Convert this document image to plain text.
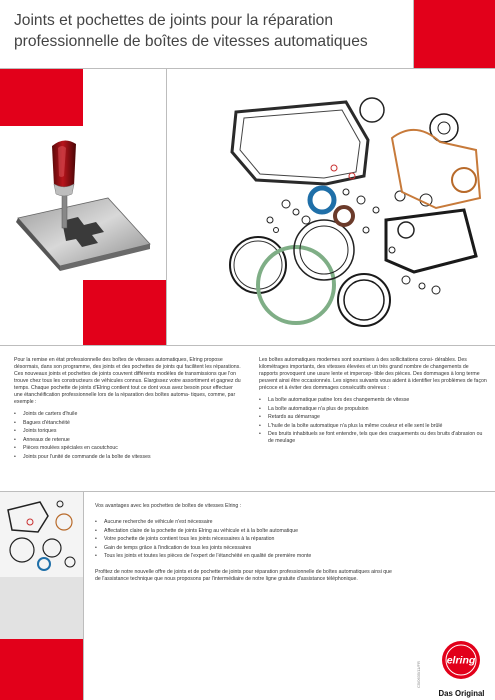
Joints et pochettes de joints pour la réparation
professionnelle de boîtes de vitesses automatiques

Pour la remise en état professionnelle des boîtes de vitesses automatiques, Elring propose désormais, dans son programme, des joints et des pochettes de joints qui facilitent les réparations. Ces nouveaux joints et pochettes de joints couvrent différents modèles de transmissions que l'on trouve chez tous les constructeurs de véhicules connus. Élargissez votre assortiment et gagnez du temps. Chaque pochette de joints d'Elring contient tout ce dont vous avez besoin pour effectuer une étanchéification professionnelle lors de la réparation des boîtes automa- tiques, comme, par exemple :

• Joints de carters d'huile
• Bagues d'étanchéité
• Joints toriques
• Anneaux de retenue
• Pièces moulées spéciales en caoutchouc
• Joints pour l'unité de commande de la boîte de vitesses

Les boîtes automatiques modernes sont soumises à des sollicitations consi- dérables. Des kilométrages importants, des vitesses élevées et un très grand nombre de changements de rapports provoquent une usure lente et impercep- tible des pièces. Des dommages à long terme peuvent ainsi être occasionnés. Les signes suivants vous aident à identifier les problèmes de façon précoce et à éviter des dommages consécutifs onéreux :

• La boîte automatique patine lors des changements de vitesse
• La boîte automatique n'a plus de propulsion
• Retards au démarrage
• L'huile de la boîte automatique n'a plus la même couleur et elle sent le brûlé
• Des bruits inhabituels se font entendre, tels que des craquements ou des bruits d'abrasion ou de meulage

Vos avantages avec les pochettes de boîtes de vitesses Elring :

• Aucune recherche de véhicule n'est nécessaire
• Affectation claire de la pochette de joints Elring au véhicule et à la boîte automatique
• Votre pochette de joints contient tous les joints nécessaires à la réparation
• Gain de temps grâce à l'indication de tous les joints nécessaires
• Tous les joints et toutes les pièces de l'expert de l'étanchéité en qualité de première monte

Profitez de notre nouvelle offre de joints et de pochette de joints pour réparation professionnelle de boîtes automatiques ainsi que de l'assistance technique que nous proposons par l'intermédiaire de notre ligne gratuite d'assistance téléphonique.

C5/0635/11/FR
elring
Das Original
